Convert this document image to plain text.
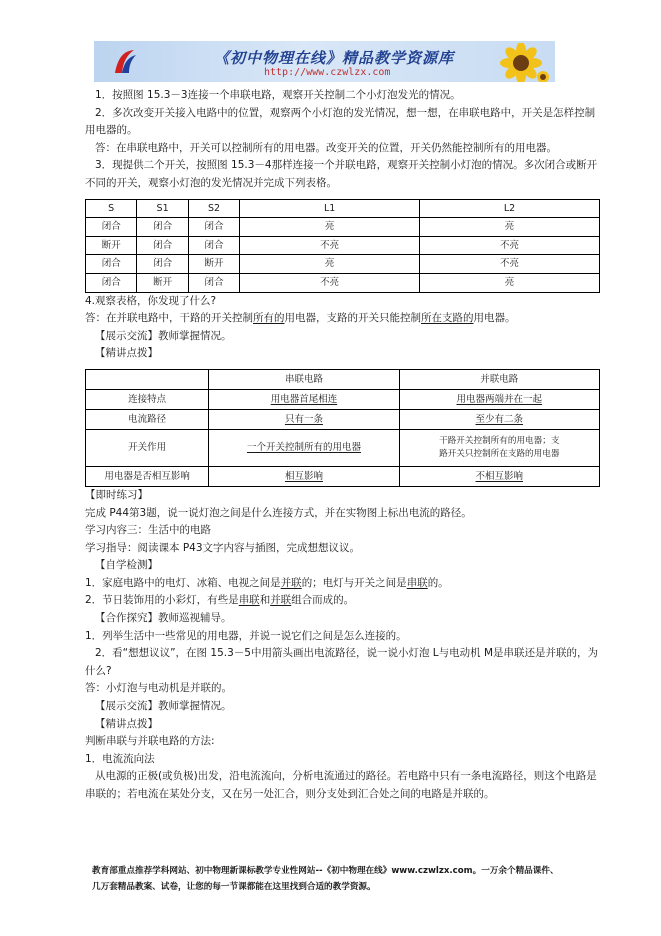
《初中物理在线》精品教学资源库
http://www.czwlzx.com
1．按照图 15.3－3连接一个串联电路，观察开关控制二个小灯泡发光的情况。
2．多次改变开关接入电路中的位置，观察两个小灯泡的发光情况，想一想，在串联电路中，开关是怎样控制用电器的。
答：在串联电路中，开关可以控制所有的用电器。改变开关的位置，开关仍然能控制所有的用电器。
3．现提供二个开关，按照图 15.3－4那样连接一个并联电路，观察开关控制小灯泡的情况。多次闭合或断开不同的开关，观察小灯泡的发光情况并完成下列表格。
S	S1	S2	L1	L2
闭合	闭合	闭合	亮	亮
断开	闭合	闭合	不亮	不亮
闭合	闭合	断开	亮	不亮
闭合	断开	闭合	不亮	亮
4.观察表格，你发现了什么?
答：在并联电路中，干路的开关控制所有的用电器，支路的开关只能控制所在支路的用电器。
【展示交流】教师掌握情况。
【精讲点拨】
	串联电路	并联电路
连接特点	用电器首尾相连	用电器两端并在一起
电流路径	只有一条	至少有二条
开关作用	一个开关控制所有的用电器	干路开关控制所有的用电器；支
路开关只控制所在支路的用电器

用电器是否相互影响	相互影响	不相互影响
【即时练习】
完成 P44第3题，说一说灯泡之间是什么连接方式，并在实物图上标出电流的路径。
学习内容三：生活中的电路
学习指导：阅读课本 P43文字内容与插图，完成想想议议。
【自学检测】
1．家庭电路中的电灯、冰箱、电视之间是并联的；电灯与开关之间是串联的。
2．节日装饰用的小彩灯，有些是串联和并联组合而成的。
【合作探究】教师巡视辅导。
1．列举生活中一些常见的用电器，并说一说它们之间是怎么连接的。
2．看“想想议议”，在图 15.3－5中用箭头画出电流路径，说一说小灯泡 L与电动机 M是串联还是并联的，为什么?
答：小灯泡与电动机是并联的。
【展示交流】教师掌握情况。
【精讲点拨】
判断串联与并联电路的方法:
1．电流流向法
从电源的正极(或负极)出发，沿电流流向，分析电流通过的路径。若电路中只有一条电流路径，则这个电路是串联的；若电流在某处分支，又在另一处汇合，则分支处到汇合处之间的电路是并联的。
教育部重点推荐学科网站、初中物理新课标教学专业性网站--《初中物理在线》www.czwlzx.com。一万余个精品课件、
几万套精品教案、试卷，让您的每一节课都能在这里找到合适的教学资源。
